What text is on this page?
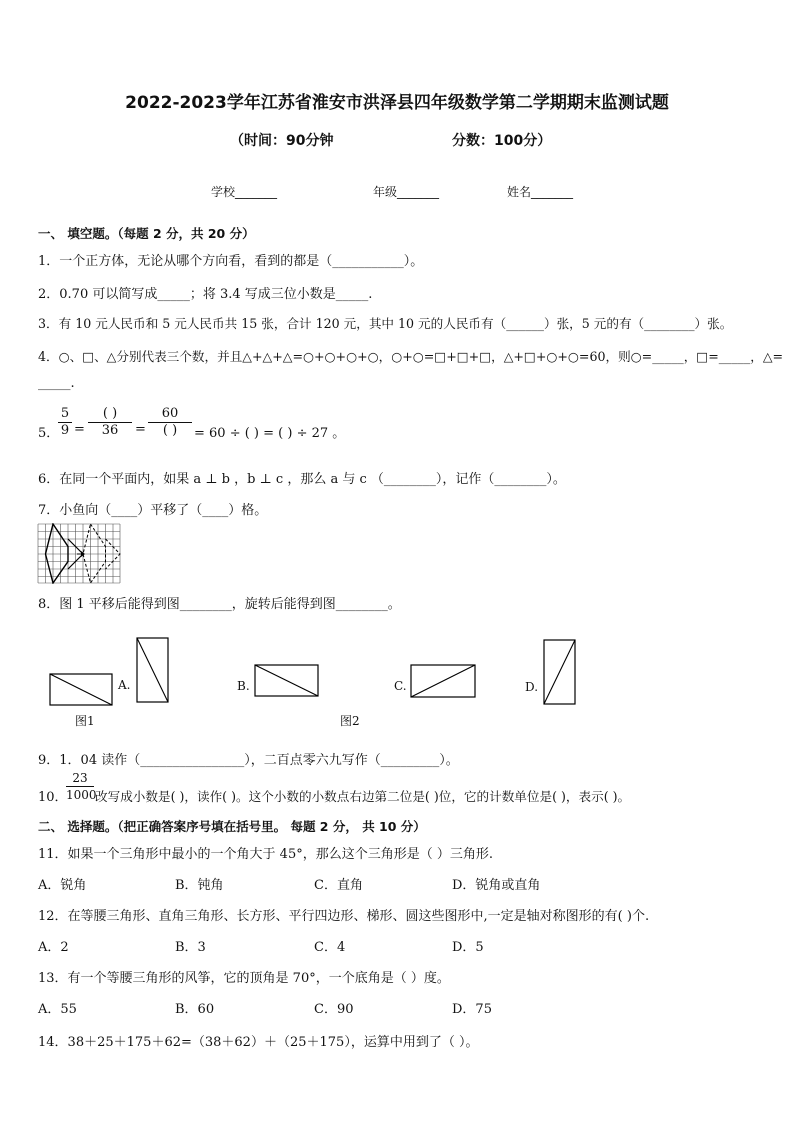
2022-2023学年江苏省淮安市洪泽县四年级数学第二学期期末监测试题
（时间：90分钟	分数：100分）
学校_______	年级_______	姓名_______
一、 填空题。（每题 2 分，共 20 分）
1．一个正方体，无论从哪个方向看，看到的都是（___________）。
2．0.70 可以简写成_____；将 3.4 写成三位小数是_____.
3．有 10 元人民币和 5 元人民币共 15 张，合计 120 元，其中 10 元的人民币有（______）张，5 元的有（________）张。
4．○、□、△分别代表三个数，并且△+△+△=○+○+○+○，○+○=□+□+□，△+□+○+○=60，则○=_____，□=_____，△=
_____.
5．
5
9 =
( )
36	=
60
( )	= 60 ÷ ( ) = ( ) ÷ 27 。
6．在同一个平面内，如果 a ⊥ b ，b ⊥ c ，那么 a 与 c （________），记作（________）。
7．小鱼向（____）平移了（____）格。
8．图 1 平移后能得到图________，旋转后能得到图________。
A.	B.	C.	D.
图1	图2
9．1．04 读作（________________），二百点零六九写作（_________）。
10．
23
1000
改写成小数是( )，读作( )。这个小数的小数点右边第二位是( )位，它的计数单位是( )，表示( )。
二、 选择题。（把正确答案序号填在括号里。 每题 2 分， 共 10 分）
11．如果一个三角形中最小的一个角大于 45°，那么这个三角形是（ ）三角形.
A．锐角	B．钝角	C．直角	D．锐角或直角
12．在等腰三角形、直角三角形、长方形、平行四边形、梯形、圆这些图形中,一定是轴对称图形的有( )个.
A．2	B．3	C．4	D．5
13．有一个等腰三角形的风筝，它的顶角是 70°，一个底角是（ ）度。
A．55	B．60	C．90	D．75
14．38＋25＋175＋62=（38＋62）＋（25＋175），运算中用到了（ ）。
